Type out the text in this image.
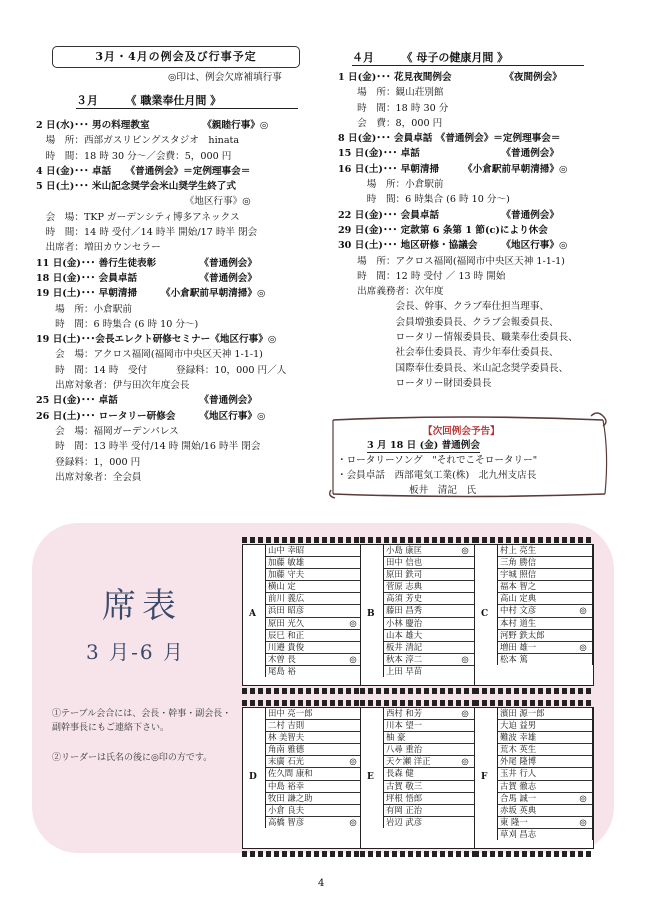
3月・4月の例会及び行事予定
◎印は、例会欠席補填行事
３月　　　《 職業奉仕月間 》
2 日(水)･･･ 男の料理教室　　　　　　《親睦行事》◎
　場　所：西部ガスリビングスタジオ　hinata
　時　間：18 時 30 分～／会費：5，000 円
4 日(金)･･･ 卓話　　《普通例会》＝定例理事会＝
5 日(土)･･･ 米山記念奨学会米山奨学生終了式
　　　　　　　　　　　　　　　　《地区行事》◎
　会　場：TKP ガーデンシティ博多アネックス
　時　間：14 時 受付／14 時半 開始/17 時半 閉会
　出席者：増田カウンセラー
11 日(金)･･･ 善行生徒表彰　　　　　《普通例会》
18 日(金)･･･ 会員卓話　　　　　　　《普通例会》
19 日(土)･･･ 早朝清掃　　　《小倉駅前早朝清掃》◎
　　場　所：小倉駅前
　　時　間：6 時集合 (6 時 10 分～)
19 日(土)･･･会長エレクト研修セミナー《地区行事》◎
　　会　場：アクロス福岡(福岡市中央区天神 1-1-1)
　　時　間：14 時　受付　　　登録料：10，000 円／人
　　出席対象者：伊与田次年度会長
25 日(金)･･･ 卓話　　　　　　　　　《普通例会》
26 日(土)･･･ ロータリー研修会　　　《地区行事》◎
　　会　場：福岡ガーデンパレス
　　時　間：13 時半 受付/14 時 開始/16 時半 閉会
　　登録料：1，000 円
　　出席対象者：全会員
４月　　　《 母子の健康月間 》
1 日(金)･･･ 花見夜間例会　　　　　　《夜間例会》
　　場　所：観山荘別館
　　時　間：18 時 30 分
　　会　費：8，000 円
8 日(金)･･･ 会員卓話 《普通例会》＝定例理事会＝
15 日(金)･･･ 卓話　　　　　　　　　《普通例会》
16 日(土)･･･ 早朝清掃　　　《小倉駅前早朝清掃》◎
　　　場　所：小倉駅前
　　　時　間：6 時集合 (6 時 10 分～)
22 日(金)･･･ 会員卓話　　　　　　　《普通例会》
29 日(金)･･･ 定款第 6 条第 1 節(c)により休会
30 日(土)･･･ 地区研修・協議会　　　《地区行事》◎
　　場　所：アクロス福岡(福岡市中央区天神 1-1-1)
　　時　間：12 時 受付 ／ 13 時 開始
　　出席義務者：次年度
　　　　　　会長、幹事、クラブ奉仕担当理事、
　　　　　　会員増強委員長、クラブ会報委員長、
　　　　　　ロータリー情報委員長、職業奉仕委員長、
　　　　　　社会奉仕委員長、青少年奉仕委員長、
　　　　　　国際奉仕委員長、米山記念奨学委員長、
　　　　　　ロータリー財団委員長
【次回例会予告】
3 月 18 日 (金) 普通例会
・ロータリーソング　"それでこそロータリー"
・会員卓話　西部電気工業(株)　北九州支店長
板井　清記　氏
席表
3 月-6 月
①テーブル会合には、会長・幹事・副会長・副幹事長にもご連絡下さい。
②リーダーは氏名の後に◎印の方です。
A
山中 幸昭	
加藤 敏雄	
加藤 守夫	
横山 定	
前川 義広	
浜田 昭彦	
原田 光久	◎
辰巳 和正	
川邉 貴俊	
木曽 長	◎
尾島 裕	
B
小島 康匡	◎
田中 信也	
原田 鉄司	
菅原 志典	
高須 芳史	
藤田 昌秀	
小林 慶治	
山本 雄大	
板井 清記	
秋本 淳二	◎
上田 早苗	
C
村上 亮生	
三角 勝信	
宇城 照信	
福本 智之	
高山 定典	
中村 文彦	◎
本村 道生	
河野 鉄太郎	
増田 雄一	◎
松本 篤	
D
田中 亮一郎	
二村 吉則	
林 美智夫	
角南 雅德	
末廣 石光	◎
佐久間 康和	
中島 裕幸	
牧田 謙之助	
小倉 良夫	
高橋 智彦	◎
E
西村 和芳	◎
川本 望一	
柚 豪	
八尋 重治	
天ケ瀬 洋正	◎
長森 健	
古賀 敬三	
坪根 悟郎	
有岡 正治	
岩辺 武彦	
F
濱田 源一郎	
大迫 益男	
難波 幸雄	
荒木 英生	
外尾 隆博	
玉井 行人	
古賀 徹志	
合馬 誠一	◎
赤坂 英典	
東 隆一	◎
草刈 昌志	
4
